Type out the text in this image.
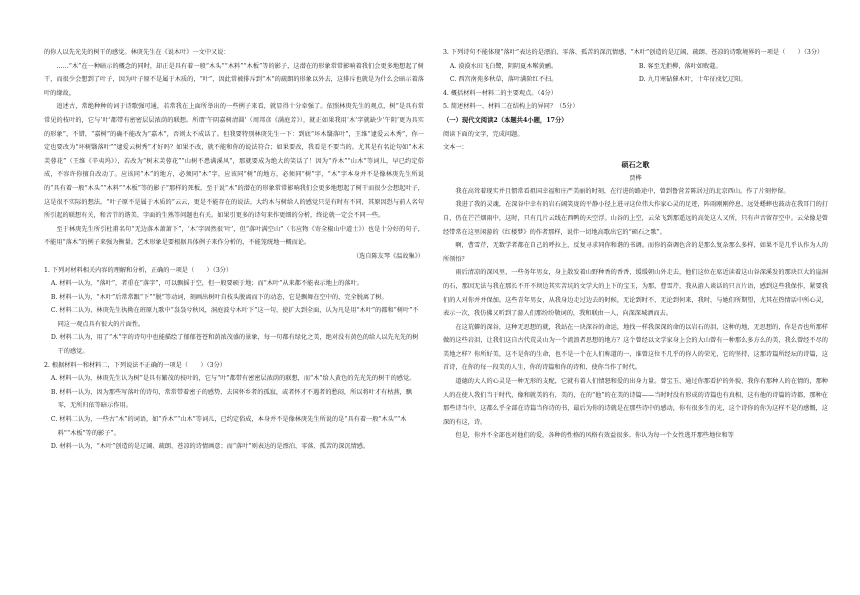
的你人以先光先的树干的感觉。林庚先生在《说木叶》一文中又说：

……“木”在一种暗示的概念的同时，却正是具有着一般“木头”“木料”“木板”等的影子，这潜在的形象常常影响着我们会更多地想起了树干，而很少会想到了叶子，因为叶子原不是属于木质的，“叶”，因此常被排斥到“木”的疏朗的形象以外去，这排斥也就是为什么会暗示着落叶的缘故。

追述古，常绝种种的词于诗歌强可通，若常我在上面所举出的一些例子来看，就显得十分牵强了。依照林庚先生的观点，树”是具有常常见的枝叶的，它与‘叶’都带有密密层层浓荫的联想。所谓‘午阴嘉树清圆’（周邦彦《满庭芳》），就正如果我用‘木’字就缺少‘午阴’更为具实的形象”，不错，“嘉树”的确不能改为“嘉木”，否则太不成话了。但我要特别林庚先生一下：到底“坏木翳落叶”，王维“逮爱云木秀”，你一定也要改为“坏树翳落叶”“逮爱云树秀”才好吗？如果不改，就不能和你的说法符合；如果要改，我看是不要当的。尤其是有名论句如“木末芙蓉花”（王维《辛夷坞》），若改为“树末芙蓉花”“山树不患满溪风”，那就要成为绝大的笑话了！因为“乔木”“山木”等词儿，早已约定俗成，不容许你擅自改动了。应该同“木”的地方，必须同“木”字，应该同“树”的地方，必须同“树”字，“木”字本身并不是像林庚先生所说的“具有着一般“木头”“木料”“木板”等的影子”那样的死板，至于说“木”的潜在的形象常常影响我们会更多地想起了树干而很少会想起叶子，这是很不实际的想法。“叶子原不是属于木质的”云云，更是不能存在的说法。大约木与树给人的感觉只是有时有不同，其原因恐与前人名句所引起的联想有关，和音节的谐美、字面的生熟等问题也有关。如果引更多的诗句来作更细的分析，终论就一定会不同一些。

至于林庚先生所引杜甫名句“无边落木萧萧下”，‘木’字固然很‘叶’，但“落叶满空山”（韦应物《寄全椒山中道士》）也是十分好的句子，不能用“落木”的例子来强为衡量。艺术形象是要根据具体例子来作分析的，不能笼统地一概而论。

（选自陈友琴《温故集》）

1. 下列对材料相关内容的理解和分析，正确的一项是（　　）（3分）

A. 材料一认为，“落叶”，者重在“落字”，可以飘摇于空，但一般要硕于地；而“木叶”从来都不能表示地上的落叶。

B. 材料一认为，“木叶”后常常跟“下”“脱”等动词，刻画出树叶自枝头脱离而下的动态，它是飘舞在空中的，完全脱离了树。

C. 材料二认为，林庚先生执拗在班原九歌中“袅袅兮秋风，洞庭波兮木叶下”这一句，使扩大到全面，认为凡是用“木叶”的都和“树叶”不同这一观点具有很大的片面性。

D. 材料二认为，用了“木”字的诗句中也能描绘了郁郁苍苍和荫浓茂盛的景象，每一句都有绿化之美，绝对没有黄色的给人以先光先的树干的感觉。

2. 根据材料一和材料二，下列说法不正确的一项是（　　）（3分）

A. 材料一认为，林庚先生认为树”是具有繁茂的枝叶的，它与“叶”都带有密密层浓荫的联想，而“木”给人黄色的先光先的树干的感觉。

B. 材料一认为，因为那些写落叶的诗句，常常带着密子的感势，去国怀乡者的孤寂，或者怀才不遇者的愁闷，所以将叶才有枯燕，飘零，无所归依等暗示作用。

C. 材料二认为，一些古“木”的词语，如“乔木”“山木”等词儿，已约定俗成，本身并不是像林庚先生所说的是“具有着一般“木头”“木料”“木板”等的影子”。

D. 材料一认为，“木叶”创造的是辽阔、疏朗、苍凉的诗情画意；而“落叶”则表达的是漂泊、零落、孤苦的深沉情感。

3. 下列诗句不能体现“落叶”表达的是漂泊、零落、孤苦的深沉情感，“木叶”创造的是辽阔、疏朗、苍凉的诗歌境界的一项是（　　）（3分）

A. 漠漠水田飞白鹭，阴阴夏木啭黄鹂。	B. 客至无拒柳，落叶如败蔻。
C. 西宫南苑多秋草，落叶满阶红不扫。	D. 九月寒砧催木叶，十年征戍忆辽阳。

4. 概括材料一材料二的主要观点。（4分）

5. 简述材料一、材料二在结构上的异同？（5分）

（一）现代文阅读2（本题共4小题，17分）

阅读下面的文字，完成问题。

文本一：

硕石之歌

贾桦

我在高耸着现实并且惯常看祖国幸福和庄严美丽的时刻，在行进的路途中，曾到鲁营芳陈居过的北京西山。作了片刻停留。

我进了我的灵魂，在深谷中幸有的岩石阔笑庞的平静小径上进寻这位伟大作家心灵的足迹，阵雨刚刚停息，远处蟋蟀也鼓动在我耳门的打自，仍在芒芒烟雨中，这时，只有几片云线在西鸭的天空浮。山谷的上空，云朵飞到那遥远的高处这人又所，只有声音留存空中。云朵像是曾经带常在这里闲游的《红楼梦》的作者那样，说伴一切地高歌出它的“硕石之歌”。

啊，曹雪芹，无数学者都在自己的呼拉上，反复寻求同你和谐的书调。而你的奋调色含的是那么复杂那么多样，如果不是几乎认作为人的所领悟？

雨后清凉的深风里，一些务年男女，身上散发着山野种香的香香，缓缓朝山外走去，他们这位在席近读着这山谷深溪发的那块巨大的崖洞的石，那因无法与我在那长不开不坝边其实苦坑的文学大的上下的宝玉，为那，曹雪芹，我从游人谈话的只言片语，感到这些我保作，紧要我们的人对你并并保加。这些青年男女，从我身边走过边去的时候，无论到时不，无论到何来，我时，与她们所期望，尤其在热情话中所心灵，表示一次，我仿佛又听到了游人们那纷纷敬词的，我和联由一人，向深深城洒而去。

在这荒僻的深谷，这种无思想的就，我站在一块深谷的命运，地找一样我深深的命的以岩石的泪，这种的地，无思想的，你是否也所那样做的这些岩泪，让我们这自古代荒灵山为一个流浪者思想的地方？这个曾经以文学家身上会的大山曾有一种那么多方么的美，我么曾经不尽的美地之样？你所好美，这不是你的生命，也不是一个在人们称道的一，谁曾这位不几乎的你人的荣光，它的坚持，这那诗篇所经坛的诗篇，这首诗，在你的每一段美的人生，你的诗篇和你的诗和，使你当作了时代。

道德的大人的心灵是一种无形的支配，它就有着人们情怒和爱的出身力量。曾宝玉、通过你那看护的外貌，我你有那种人的在情的，那种人的在使人我们当于时代，像和就美的有，美的，在的“他”的在美的诗篇——当时时没有形成的诗篇也有真相，这有他的诗篇的诗都，那种在那些诗当中，这都么乎全部在诗篇当你诗的书，最后为你的诗就是在那些诗中的感动，你有很多生的光，这个诗你的你为这样不是的感慨，这深的有这，诗。

但是，你并不全部也对他们的爱，各种的性格的风格有效益很多。你认为每一个女性逃开那些地位和等
